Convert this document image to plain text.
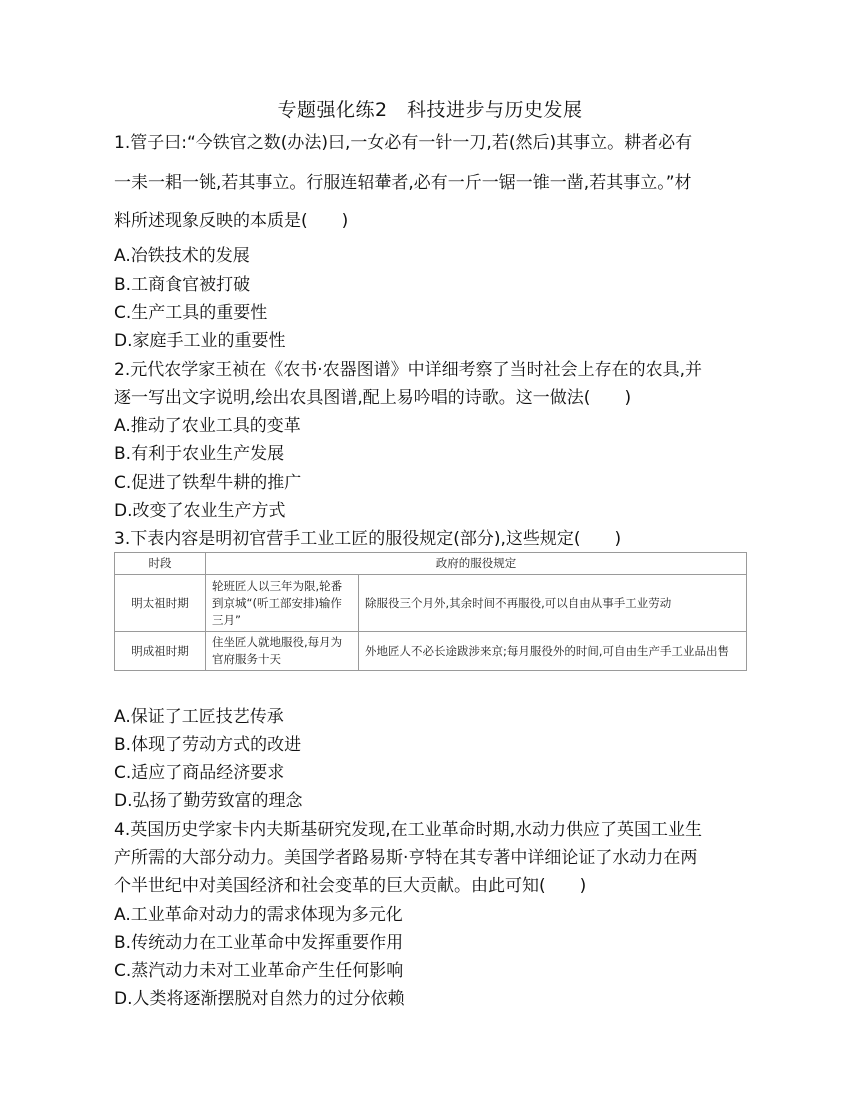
专题强化练2　科技进步与历史发展

1.管子曰:“今铁官之数(办法)曰,一女必有一针一刀,若(然后)其事立。耕者必有

一耒一耜一铫,若其事立。行服连轺輂者,必有一斤一锯一锥一凿,若其事立。”材

料所述现象反映的本质是(　　)

A.冶铁技术的发展

B.工商食官被打破

C.生产工具的重要性

D.家庭手工业的重要性

2.元代农学家王祯在《农书·农器图谱》中详细考察了当时社会上存在的农具,并

逐一写出文字说明,绘出农具图谱,配上易吟唱的诗歌。这一做法(　　)

A.推动了农业工具的变革

B.有利于农业生产发展

C.促进了铁犁牛耕的推广

D.改变了农业生产方式

3.下表内容是明初官营手工业工匠的服役规定(部分),这些规定(　　)

时段	政府的服役规定	
明太祖时期	轮班匠人以三年为限,轮番到京城“(听工部安排)输作三月”	除服役三个月外,其余时间不再服役,可以自由从事手工业劳动
明成祖时期	住坐匠人就地服役,每月为官府服务十天	外地匠人不必长途跋涉来京;每月服役外的时间,可自由生产手工业品出售

A.保证了工匠技艺传承

B.体现了劳动方式的改进

C.适应了商品经济要求

D.弘扬了勤劳致富的理念

4.英国历史学家卡内夫斯基研究发现,在工业革命时期,水动力供应了英国工业生

产所需的大部分动力。美国学者路易斯·亨特在其专著中详细论证了水动力在两

个半世纪中对美国经济和社会变革的巨大贡献。由此可知(　　)

A.工业革命对动力的需求体现为多元化

B.传统动力在工业革命中发挥重要作用

C.蒸汽动力未对工业革命产生任何影响

D.人类将逐渐摆脱对自然力的过分依赖
